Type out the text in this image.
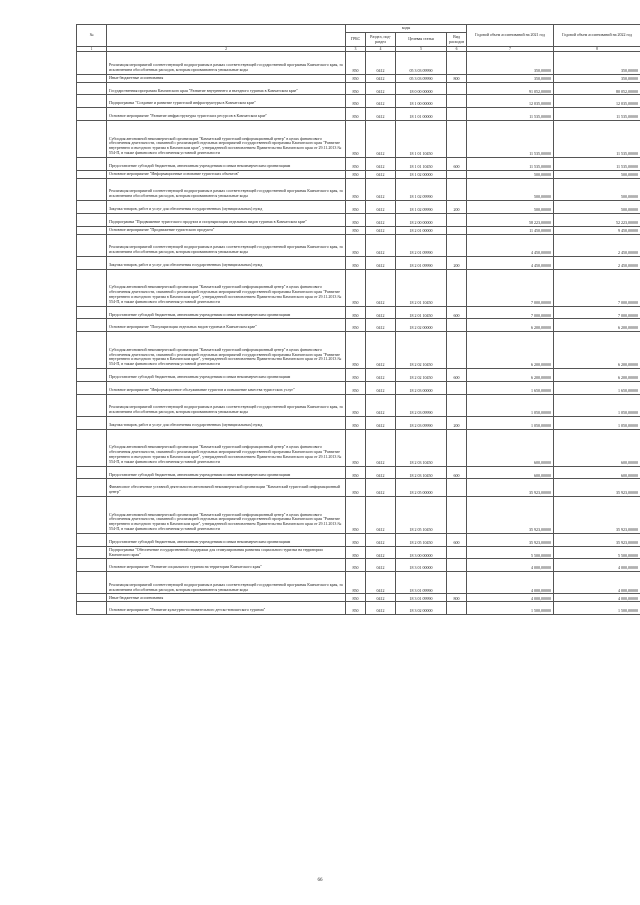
№		коды				Годовой объем ассигнований на 2021 год	Годовой объем ассигнований на 2022 год
		ГРБС	Раздел, под-раздел	Целевая статья	Вид расходов		
1	2	3	4	5	6	7	8
	Реализация мероприятий соответствующей подпрограммы в рамках соответствующей государственной программы Камчатского края, за исключением обособленных расходов, которым присваиваются уникальные коды	850	0412	05 3 03 09990		350,00000	350,00000
	Иные бюджетные ассигнования	850	0412	05 3 03 09990	800	350,00000	350,00000
	Государственная программа Камчатского края "Развитие внутреннего и въездного туризма в Камчатском крае"	850	0412	18 0 00 00000		91 052,00000	80 052,00000
	Подпрограмма "Создание и развитие туристской инфраструктуры в Камчатском крае"	850	0412	18 1 00 00000		12 035,00000	12 035,00000
	Основное мероприятие "Развитие инфраструктуры туристских ресурсов в Камчатском крае"	850	0412	18 1 01 00000		11 535,00000	11 535,00000
	Субсидия автономной некоммерческой организации "Камчатский туристский информационный центр" в целях финансового обеспечения деятельности, связанной с реализацией отдельных мероприятий государственной программы Камчатского края "Развитие внутреннего и въездного туризма в Камчатском крае", утвержденной постановлением Правительства Камчатского края от 29.11.2013 № 554-П, в также финансового обеспечения уставной деятельности	850	0412	18 1 01 10450		11 535,00000	11 535,00000
	Предоставление субсидий бюджетным, автономным учреждениям и иным некоммерческим организациям	850	0412	18 1 01 10450	600	11 535,00000	11 535,00000
	Основное мероприятие "Информационные основание туристских объектов"	850	0412	18 1 02 00000		500,00000	500,00000
	Реализация мероприятий соответствующей подпрограммы в рамках соответствующей государственной программы Камчатского края, за исключением обособленных расходов, которым присваиваются уникальные коды	850	0412	18 1 02 09990		500,00000	500,00000
	Закупка товаров, работ и услуг для обеспечения государственных (муниципальных) нужд	850	0412	18 1 02 09990	200	500,00000	500,00000
	Подпрограмма "Продвижение туристского продукта и популяризация отдельных видов туризма в Камчатском крае"	850	0412	18 2 00 00000		58 223,00000	52 223,00000
	Основное мероприятие "Продвижение туристского продукта"	850	0412	18 2 01 00000		11 450,00000	9 450,00000
	Реализация мероприятий соответствующей подпрограммы в рамках соответствующей государственной программы Камчатского края, за исключением обособленных расходов, которым присваиваются уникальные коды	850	0412	18 2 01 09990		4 450,00000	2 450,00000
	Закупка товаров, работ и услуг для обеспечения государственных (муниципальных) нужд	850	0412	18 2 01 09990	200	4 450,00000	2 450,00000
	Субсидия автономной некоммерческой организации "Камчатский туристский информационный центр" в целях финансового обеспечения деятельности, связанной с реализацией отдельных мероприятий государственной программы Камчатского края "Развитие внутреннего и въездного туризма в Камчатском крае", утвержденной постановлением Правительства Камчатского края от 29.11.2013 № 554-П, в также финансового обеспечения уставной деятельности	850	0412	18 2 01 10450		7 000,00000	7 000,00000
	Предоставление субсидий бюджетным, автономным учреждениям и иным некоммерческим организациям	850	0412	18 2 01 10450	600	7 000,00000	7 000,00000
	Основное мероприятие "Популяризация отдельных видов туризма в Камчатском крае"	850	0412	18 2 02 00000		6 200,00000	6 200,00000
	Субсидия автономной некоммерческой организации "Камчатский туристский информационный центр" в целях финансового обеспечения деятельности, связанной с реализацией отдельных мероприятий государственной программы Камчатского края "Развитие внутреннего и въездного туризма в Камчатском крае", утвержденной постановлением Правительства Камчатского края от 29.11.2013 № 554-П, в также финансового обеспечения уставной деятельности	850	0412	18 2 02 10450		6 200,00000	6 200,00000
	Предоставление субсидий бюджетным, автономным учреждениям и иным некоммерческим организациям	850	0412	18 2 02 10450	600	6 200,00000	6 200,00000
	Основное мероприятие "Информационное обслуживание туристов и повышение качества туристских услуг"	850	0412	18 2 03 00000		1 650,00000	1 650,00000
	Реализация мероприятий соответствующей подпрограммы в рамках соответствующей государственной программы Камчатского края, за исключением обособленных расходов, которым присваиваются уникальные коды	850	0412	18 2 03 09990		1 050,00000	1 050,00000
	Закупка товаров, работ и услуг для обеспечения государственных (муниципальных) нужд	850	0412	18 2 03 09990	200	1 050,00000	1 050,00000
	Субсидия автономной некоммерческой организации "Камчатский туристский информационный центр" в целях финансового обеспечения деятельности, связанной с реализацией отдельных мероприятий государственной программы Камчатского края "Развитие внутреннего и въездного туризма в Камчатском крае", утвержденной постановлением Правительства Камчатского края от 29.11.2013 № 554-П, в также финансового обеспечения уставной деятельности	850	0412	18 2 03 10450		600,00000	600,00000
	Предоставление субсидий бюджетным, автономным учреждениям и иным некоммерческим организациям	850	0412	18 2 03 10450	600	600,00000	600,00000
	Финансовое обеспечение уставной деятельности автономной некоммерческой организации "Камчатский туристский информационный центр"	850	0412	18 2 05 00000		35 923,00000	35 923,00000
	Субсидия автономной некоммерческой организации "Камчатский туристский информационный центр" в целях финансового обеспечения деятельности, связанной с реализацией отдельных мероприятий государственной программы Камчатского края "Развитие внутреннего и въездного туризма в Камчатском крае", утвержденной постановлением Правительства Камчатского края от 29.11.2013 № 554-П, в также финансового обеспечения уставной деятельности	850	0412	18 2 05 10450		35 923,00000	35 923,00000
	Предоставление субсидий бюджетным, автономным учреждениям и иным некоммерческим организациям	850	0412	18 2 05 10450	600	35 923,00000	35 923,00000
	Подпрограмма "Обеспечение государственной поддержки для стимулирования развития социального туризма на территории Камчатского края"	850	0412	18 3 00 00000		5 500,00000	5 500,00000
	Основное мероприятие "Развитие социального туризма на территории Камчатского края"	850	0412	18 3 01 00000		4 000,00000	4 000,00000
	Реализация мероприятий соответствующей подпрограммы в рамках соответствующей государственной программы Камчатского края, за исключением обособленных расходов, которым присваиваются уникальные коды	850	0412	18 3 01 09990		4 000,00000	4 000,00000
	Иные бюджетные ассигнования	850	0412	18 3 01 09990	800	4 000,00000	4 000,00000
	Основное мероприятие "Развитие культурно-познавательного детско-юношеского туризма"	850	0412	18 3 02 00000		1 500,00000	1 500,00000
66
